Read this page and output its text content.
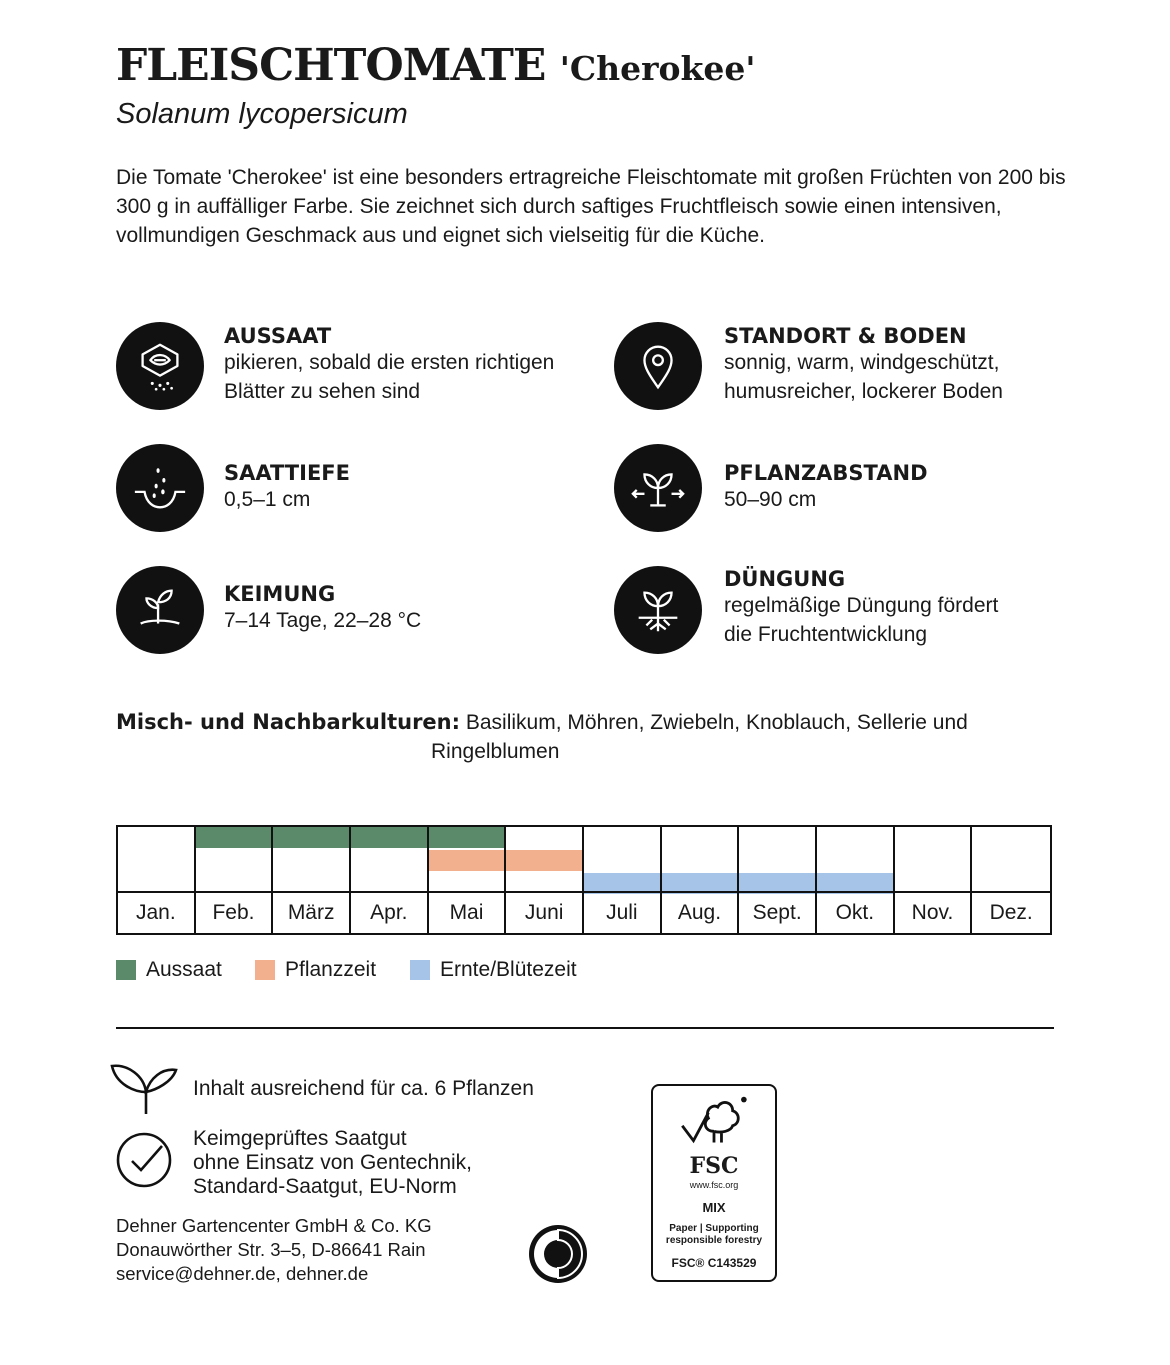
FLEISCHTOMATE 'Cherokee'
Solanum lycopersicum
Die Tomate 'Cherokee' ist eine besonders ertragreiche Fleischtomate mit großen Früchten von 200 bis 300 g in auffälliger Farbe. Sie zeichnet sich durch saftiges Fruchtfleisch sowie einen intensiven, vollmundigen Geschmack aus und eignet sich vielseitig für die Küche.
AUSSAAT
pikieren, sobald die ersten richtigen
Blätter zu sehen sind
STANDORT & BODEN
sonnig, warm, windgeschützt,
humusreicher, lockerer Boden
SAATTIEFE
0,5–1 cm
PFLANZABSTAND
50–90 cm
KEIMUNG
7–14 Tage, 22–28 °C
DÜNGUNG
regelmäßige Düngung fördert
die Fruchtentwicklung
Misch- und Nachbarkulturen: Basilikum, Möhren, Zwiebeln, Knoblauch, Sellerie und
Ringelblumen
Jan.	Feb.	März	Apr.	Mai	Juni	Juli	Aug.	Sept.	Okt.	Nov.	Dez.
Aussaat	Pflanzzeit	Ernte/Blütezeit
Inhalt ausreichend für ca. 6 Pflanzen
Keimgeprüftes Saatgut
ohne Einsatz von Gentechnik,
Standard-Saatgut, EU-Norm
Dehner Gartencenter GmbH & Co. KG
Donauwörther Str. 3–5, D-86641 Rain
service@dehner.de, dehner.de
FSC
www.fsc.org
MIX
Paper | Supporting
responsible forestry
FSC® C143529
